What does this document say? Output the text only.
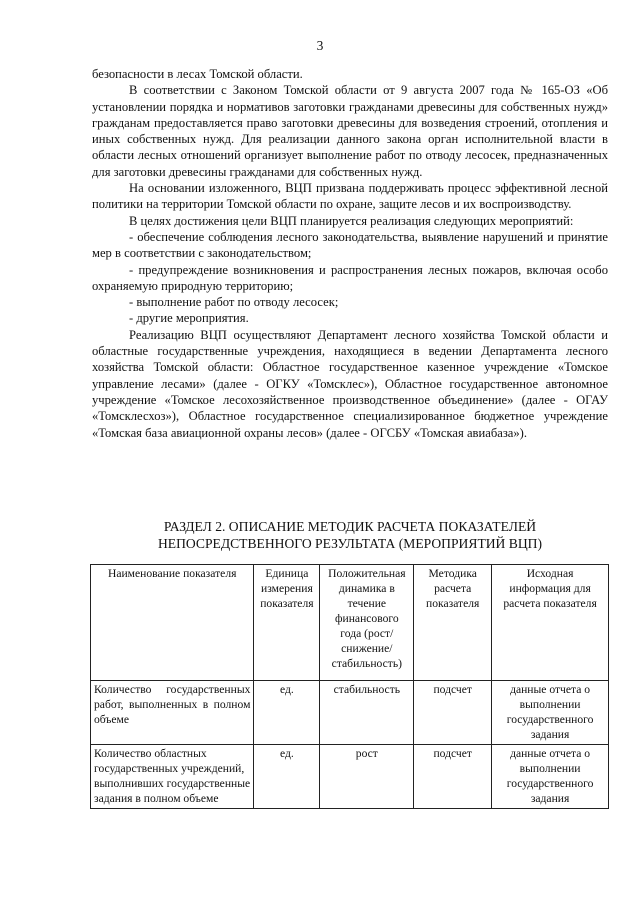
3

безопасности в лесах Томской области.

В соответствии с Законом Томской области от 9 августа 2007 года № 165-ОЗ «Об установлении порядка и нормативов заготовки гражданами древесины для собственных нужд» гражданам предоставляется право заготовки древесины для возведения строений, отопления и иных собственных нужд. Для реализации данного закона орган исполнительной власти в области лесных отношений организует выполнение работ по отводу лесосек, предназначенных для заготовки древесины гражданами для собственных нужд.

На основании изложенного, ВЦП призвана поддерживать процесс эффективной лесной политики на территории Томской области по охране, защите лесов и их воспроизводству.

В целях достижения цели ВЦП планируется реализация следующих мероприятий:

- обеспечение соблюдения лесного законодательства, выявление нарушений и принятие мер в соответствии с законодательством;

- предупреждение возникновения и распространения лесных пожаров, включая особо охраняемую природную территорию;

- выполнение работ по отводу лесосек;

- другие мероприятия.

Реализацию ВЦП осуществляют Департамент лесного хозяйства Томской области и областные государственные учреждения, находящиеся в ведении Департамента лесного хозяйства Томской области: Областное государственное казенное учреждение «Томское управление лесами» (далее - ОГКУ «Томсклес»), Областное государственное автономное учреждение «Томское лесохозяйственное производственное объединение» (далее - ОГАУ «Томсклесхоз»), Областное государственное специализированное бюджетное учреждение «Томская база авиационной охраны лесов» (далее - ОГСБУ «Томская авиабаза»).

РАЗДЕЛ 2. ОПИСАНИЕ МЕТОДИК РАСЧЕТА ПОКАЗАТЕЛЕЙ
НЕПОСРЕДСТВЕННОГО РЕЗУЛЬТАТА (МЕРОПРИЯТИЙ ВЦП)
Наименование показателя	Единица измерения показателя	Положительная динамика в течение финансового года (рост/ снижение/стабильность)	Методика расчета показателя	Исходная информация для расчета показателя
Количество государственных работ, выполненных в полном объеме	ед.	стабильность	подсчет	данные отчета о выполнении государственного задания
Количество областных государственных учреждений, выполнивших государственные задания в полном объеме	ед.	рост	подсчет	данные отчета о выполнении государственного задания
